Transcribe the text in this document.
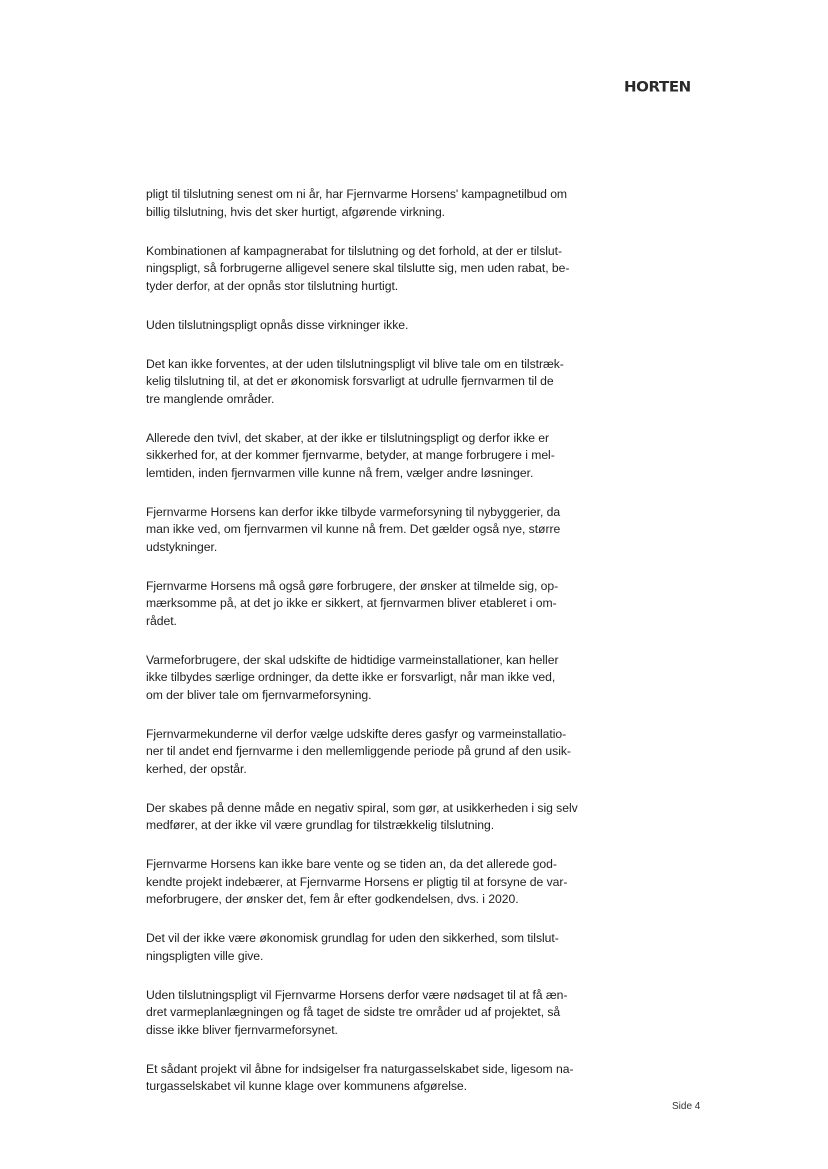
HORTEN

pligt til tilslutning senest om ni år, har Fjernvarme Horsens' kampagnetilbud om
billig tilslutning, hvis det sker hurtigt, afgørende virkning.

Kombinationen af kampagnerabat for tilslutning og det forhold, at der er tilslut-
ningspligt, så forbrugerne alligevel senere skal tilslutte sig, men uden rabat, be-
tyder derfor, at der opnås stor tilslutning hurtigt.

Uden tilslutningspligt opnås disse virkninger ikke.

Det kan ikke forventes, at der uden tilslutningspligt vil blive tale om en tilstræk-
kelig tilslutning til, at det er økonomisk forsvarligt at udrulle fjernvarmen til de
tre manglende områder.

Allerede den tvivl, det skaber, at der ikke er tilslutningspligt og derfor ikke er
sikkerhed for, at der kommer fjernvarme, betyder, at mange forbrugere i mel-
lemtiden, inden fjernvarmen ville kunne nå frem, vælger andre løsninger.

Fjernvarme Horsens kan derfor ikke tilbyde varmeforsyning til nybyggerier, da
man ikke ved, om fjernvarmen vil kunne nå frem. Det gælder også nye, større
udstykninger.

Fjernvarme Horsens må også gøre forbrugere, der ønsker at tilmelde sig, op-
mærksomme på, at det jo ikke er sikkert, at fjernvarmen bliver etableret i om-
rådet.

Varmeforbrugere, der skal udskifte de hidtidige varmeinstallationer, kan heller
ikke tilbydes særlige ordninger, da dette ikke er forsvarligt, når man ikke ved,
om der bliver tale om fjernvarmeforsyning.

Fjernvarmekunderne vil derfor vælge udskifte deres gasfyr og varmeinstallatio-
ner til andet end fjernvarme i den mellemliggende periode på grund af den usik-
kerhed, der opstår.

Der skabes på denne måde en negativ spiral, som gør, at usikkerheden i sig selv
medfører, at der ikke vil være grundlag for tilstrækkelig tilslutning.

Fjernvarme Horsens kan ikke bare vente og se tiden an, da det allerede god-
kendte projekt indebærer, at Fjernvarme Horsens er pligtig til at forsyne de var-
meforbrugere, der ønsker det, fem år efter godkendelsen, dvs. i 2020.

Det vil der ikke være økonomisk grundlag for uden den sikkerhed, som tilslut-
ningspligten ville give.

Uden tilslutningspligt vil Fjernvarme Horsens derfor være nødsaget til at få æn-
dret varmeplanlægningen og få taget de sidste tre områder ud af projektet, så
disse ikke bliver fjernvarmeforsynet.

Et sådant projekt vil åbne for indsigelser fra naturgasselskabet side, ligesom na-
turgasselskabet vil kunne klage over kommunens afgørelse.

Side 4
